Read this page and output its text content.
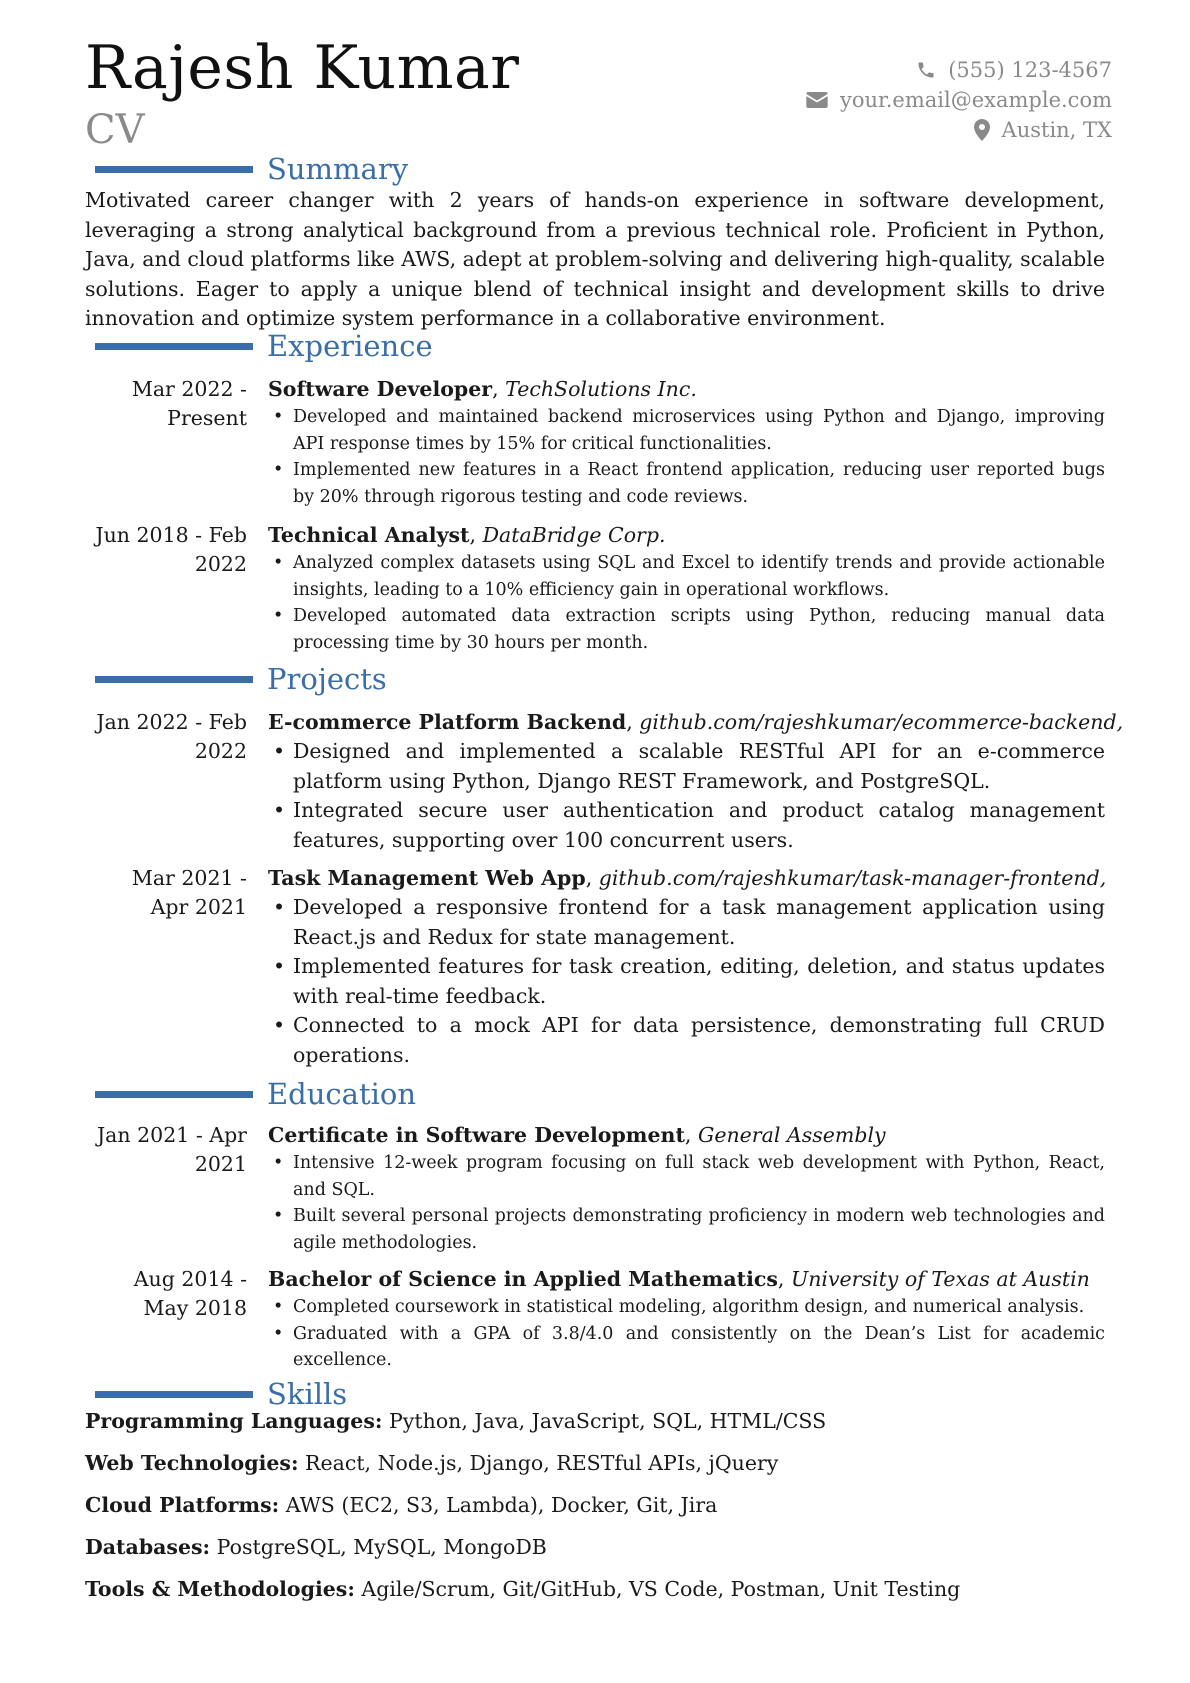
Rajesh Kumar
CV
(555) 123-4567
your.email@example.com
Austin, TX
Summary

Motivated career changer with 2 years of hands-on experience in software development, leveraging a strong analytical background from a previous technical role. Proficient in Python, Java, and cloud platforms like AWS, adept at problem-solving and delivering high-quality, scalable solutions. Eager to apply a unique blend of technical insight and development skills to drive innovation and optimize system performance in a collaborative environment.

Experience
Mar 2022 -
Present
Software Developer, TechSolutions Inc.
• Developed and maintained backend microservices using Python and Django, improving API response times by 15% for critical functionalities.
• Implemented new features in a React frontend application, reducing user reported bugs by 20% through rigorous testing and code reviews.
Jun 2018 - Feb
2022
Technical Analyst, DataBridge Corp.
• Analyzed complex datasets using SQL and Excel to identify trends and provide actionable insights, leading to a 10% efficiency gain in operational workflows.
• Developed automated data extraction scripts using Python, reducing manual data processing time by 30 hours per month.
Projects
Jan 2022 - Feb
2022
E-commerce Platform Backend, github.com/rajeshkumar/ecommerce-backend,
• Designed and implemented a scalable RESTful API for an e-commerce platform using Python, Django REST Framework, and PostgreSQL.
• Integrated secure user authentication and product catalog management features, supporting over 100 concurrent users.
Mar 2021 -
Apr 2021
Task Management Web App, github.com/rajeshkumar/task-manager-frontend,
• Developed a responsive frontend for a task management application using React.js and Redux for state management.
• Implemented features for task creation, editing, deletion, and status updates with real-time feedback.
• Connected to a mock API for data persistence, demonstrating full CRUD operations.
Education
Jan 2021 - Apr
2021
Certificate in Software Development, General Assembly
• Intensive 12-week program focusing on full stack web development with Python, React, and SQL.
• Built several personal projects demonstrating proficiency in modern web technologies and agile methodologies.
Aug 2014 -
May 2018
Bachelor of Science in Applied Mathematics, University of Texas at Austin
• Completed coursework in statistical modeling, algorithm design, and numerical analysis.
• Graduated with a GPA of 3.8/4.0 and consistently on the Dean’s List for academic excellence.
Skills
Programming Languages: Python, Java, JavaScript, SQL, HTML/CSS
Web Technologies: React, Node.js, Django, RESTful APIs, jQuery
Cloud Platforms: AWS (EC2, S3, Lambda), Docker, Git, Jira
Databases: PostgreSQL, MySQL, MongoDB
Tools & Methodologies: Agile/Scrum, Git/GitHub, VS Code, Postman, Unit Testing
